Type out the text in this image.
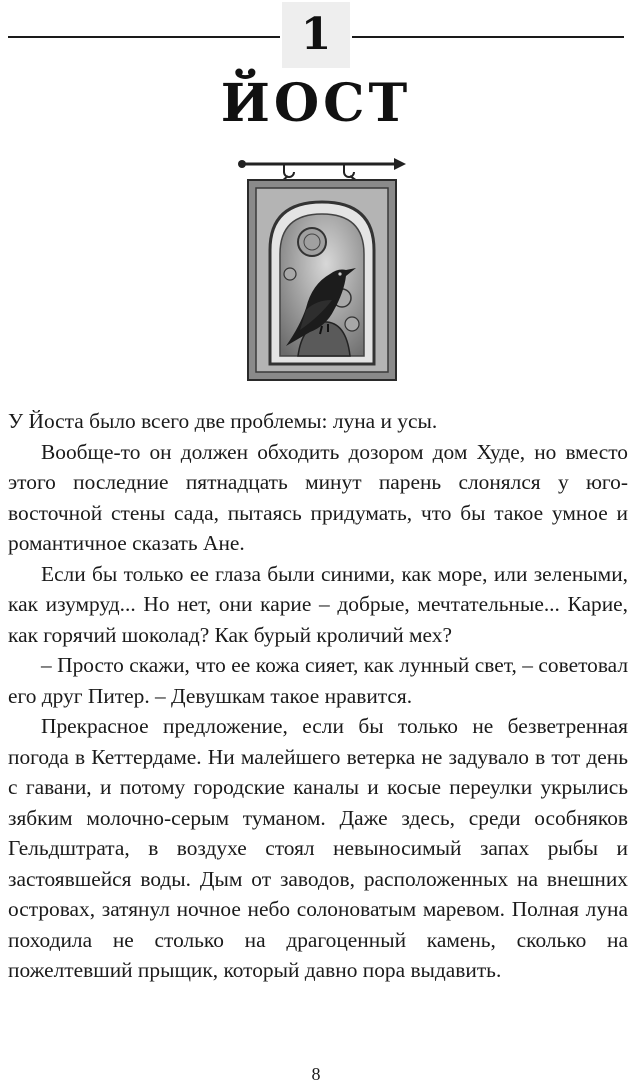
1
ЙОСТ

У Йоста было всего две проблемы: луна и усы.

Вообще-то он должен обходить дозором дом Худе, но вместо этого последние пятнадцать минут парень слонялся у юго-восточной стены сада, пытаясь придумать, что бы такое умное и романтичное сказать Ане.

Если бы только ее глаза были синими, как море, или зелеными, как изумруд... Но нет, они карие – добрые, мечтательные... Карие, как горячий шоколад? Как бурый кроличий мех?

– Просто скажи, что ее кожа сияет, как лунный свет, – советовал его друг Питер. – Девушкам такое нравится.

Прекрасное предложение, если бы только не безветренная погода в Кеттердаме. Ни малейшего ветерка не задувало в тот день с гавани, и потому городские каналы и косые переулки укрылись зябким молочно-серым туманом. Даже здесь, среди особняков Гельдштрата, в воздухе стоял невыносимый запах рыбы и застоявшейся воды. Дым от заводов, расположенных на внешних островах, затянул ночное небо солоноватым маревом. Полная луна походила не столько на драгоценный камень, сколько на пожелтевший прыщик, который давно пора выдавить.

8
